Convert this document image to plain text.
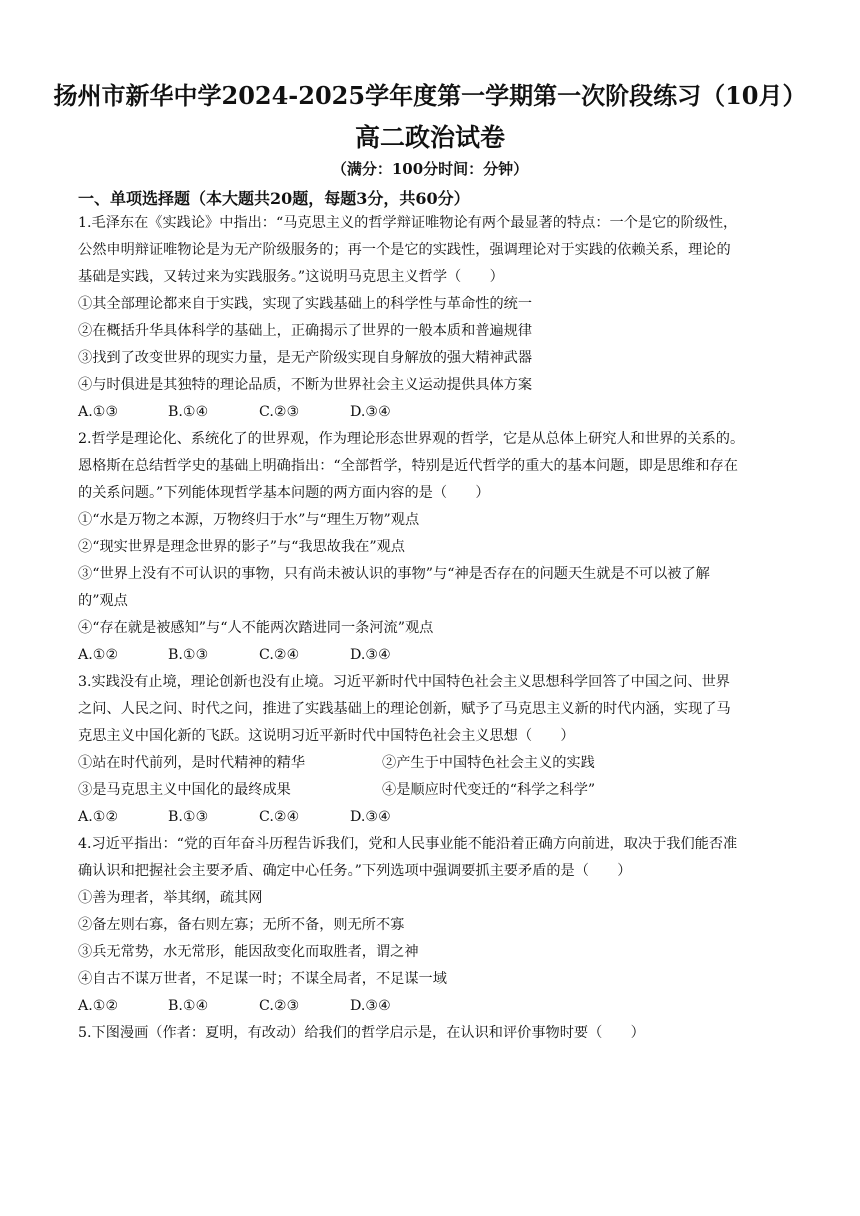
扬州市新华中学2024-2025学年度第一学期第一次阶段练习（10月）
高二政治试卷
（满分：100分时间：分钟）
一、单项选择题（本大题共20题，每题3分，共60分）
1.毛泽东在《实践论》中指出：“马克思主义的哲学辩证唯物论有两个最显著的特点：一个是它的阶级性，
公然申明辩证唯物论是为无产阶级服务的；再一个是它的实践性，强调理论对于实践的依赖关系，理论的
基础是实践，又转过来为实践服务。”这说明马克思主义哲学（　　）
①其全部理论都来自于实践，实现了实践基础上的科学性与革命性的统一
②在概括升华具体科学的基础上，正确揭示了世界的一般本质和普遍规律
③找到了改变世界的现实力量，是无产阶级实现自身解放的强大精神武器
④与时俱进是其独特的理论品质，不断为世界社会主义运动提供具体方案
A.①③	B.①④	C.②③	D.③④
2.哲学是理论化、系统化了的世界观，作为理论形态世界观的哲学，它是从总体上研究人和世界的关系的。
恩格斯在总结哲学史的基础上明确指出：“全部哲学，特别是近代哲学的重大的基本问题，即是思维和存在
的关系问题。”下列能体现哲学基本问题的两方面内容的是（　　）
①“水是万物之本源，万物终归于水”与“理生万物”观点
②“现实世界是理念世界的影子”与“我思故我在”观点
③“世界上没有不可认识的事物，只有尚未被认识的事物”与“神是否存在的问题天生就是不可以被了解
的”观点
④“存在就是被感知”与“人不能两次踏进同一条河流”观点
A.①②	B.①③	C.②④	D.③④
3.实践没有止境，理论创新也没有止境。习近平新时代中国特色社会主义思想科学回答了中国之问、世界
之问、人民之问、时代之问，推进了实践基础上的理论创新，赋予了马克思主义新的时代内涵，实现了马
克思主义中国化新的飞跃。这说明习近平新时代中国特色社会主义思想（　　）
①站在时代前列，是时代精神的精华	②产生于中国特色社会主义的实践
③是马克思主义中国化的最终成果	④是顺应时代变迁的“科学之科学”
A.①②	B.①③	C.②④	D.③④
4.习近平指出：“党的百年奋斗历程告诉我们，党和人民事业能不能沿着正确方向前进，取决于我们能否准
确认识和把握社会主要矛盾、确定中心任务。”下列选项中强调要抓主要矛盾的是（　　）
①善为理者，举其纲，疏其网
②备左则右寡，备右则左寡；无所不备，则无所不寡
③兵无常势，水无常形，能因敌变化而取胜者，谓之神
④自古不谋万世者，不足谋一时；不谋全局者，不足谋一域
A.①②	B.①④	C.②③	D.③④
5.下图漫画（作者：夏明，有改动）给我们的哲学启示是，在认识和评价事物时要（　　）
